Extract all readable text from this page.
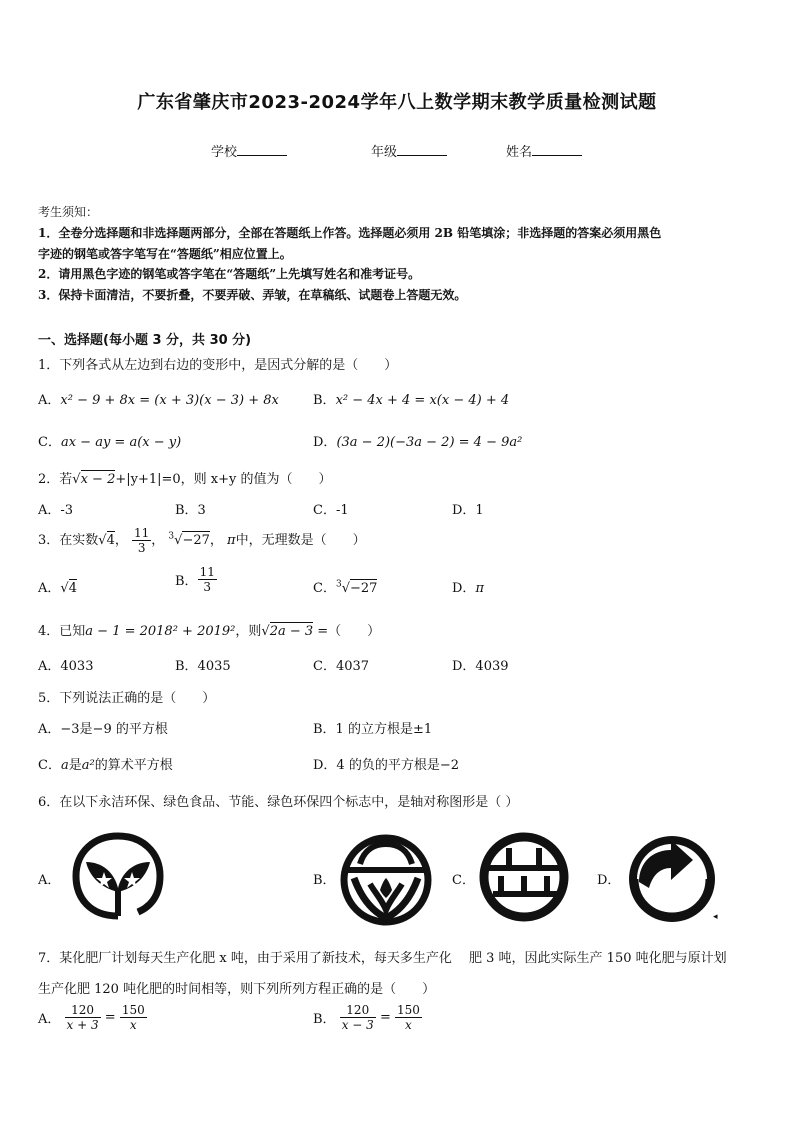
广东省肇庆市2023-2024学年八上数学期末教学质量检测试题
学校	年级	姓名
考生须知：
1．全卷分选择题和非选择题两部分，全部在答题纸上作答。选择题必须用 2B 铅笔填涂；非选择题的答案必须用黑色
字迹的钢笔或答字笔写在“答题纸”相应位置上。
2．请用黑色字迹的钢笔或答字笔在“答题纸”上先填写姓名和准考证号。
3．保持卡面清洁，不要折叠，不要弄破、弄皱，在草稿纸、试题卷上答题无效。
一、选择题(每小题 3 分，共 30 分)
1．下列各式从左边到右边的变形中，是因式分解的是（　　）
A．x² − 9 + 8x = (x + 3)(x − 3) + 8x	B．x² − 4x + 4 = x(x − 4) + 4
C．ax − ay = a(x − y)	D．(3a − 2)(−3a − 2) = 4 − 9a²
2．若√x − 2+|y+1|=0，则 x+y 的值为（　　）
A．-3	B．3	C．-1	D．1
3．在实数√4， $\frac{11}{3}$ ， $^3$√−27， π中，无理数是（　　）
A．√4	B． $\frac{11}{3}$	C．$^3$√−27	D．π
4．已知a − 1 = 2018² + 2019²，则√2a − 3 =（　　）
A．4033	B．4035	C．4037	D．4039
5．下列说法正确的是（　　）
A．−3是−9 的平方根	B．1 的立方根是±1
C．a是a²的算术平方根	D．4 的负的平方根是−2
6．在以下永洁环保、绿色食品、节能、绿色环保四个标志中，是轴对称图形是（ ）
A．	B．	C．	D．
◂
7．某化肥厂计划每天生产化肥 x 吨，由于采用了新技术，每天多生产化　 肥 3 吨，因此实际生产 150 吨化肥与原计划
生产化肥 120 吨化肥的时间相等，则下列所列方程正确的是（　　）
A． $\frac{120}{x + 3} = \frac{150}{x}$	B． $\frac{120}{x - 3} = \frac{150}{x}$
